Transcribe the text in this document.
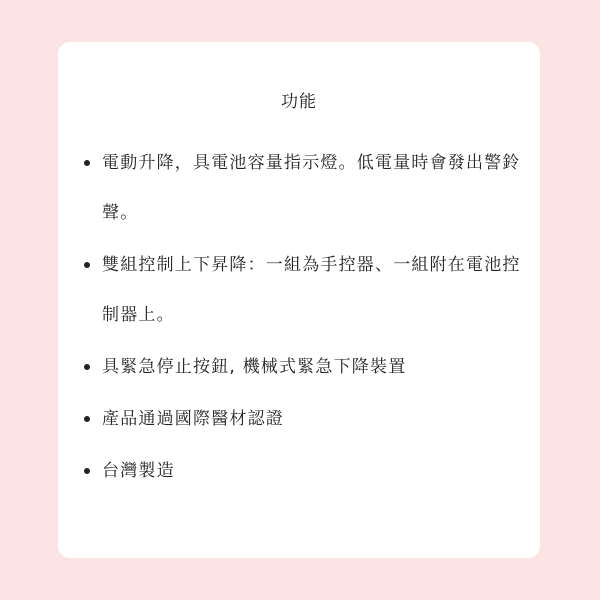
功能
電動升降，具電池容量指示燈。低電量時會發出警鈴聲。
雙組控制上下昇降：一組為手控器、一組附在電池控制器上。
具緊急停止按鈕, 機械式緊急下降裝置
產品通過國際醫材認證
台灣製造
